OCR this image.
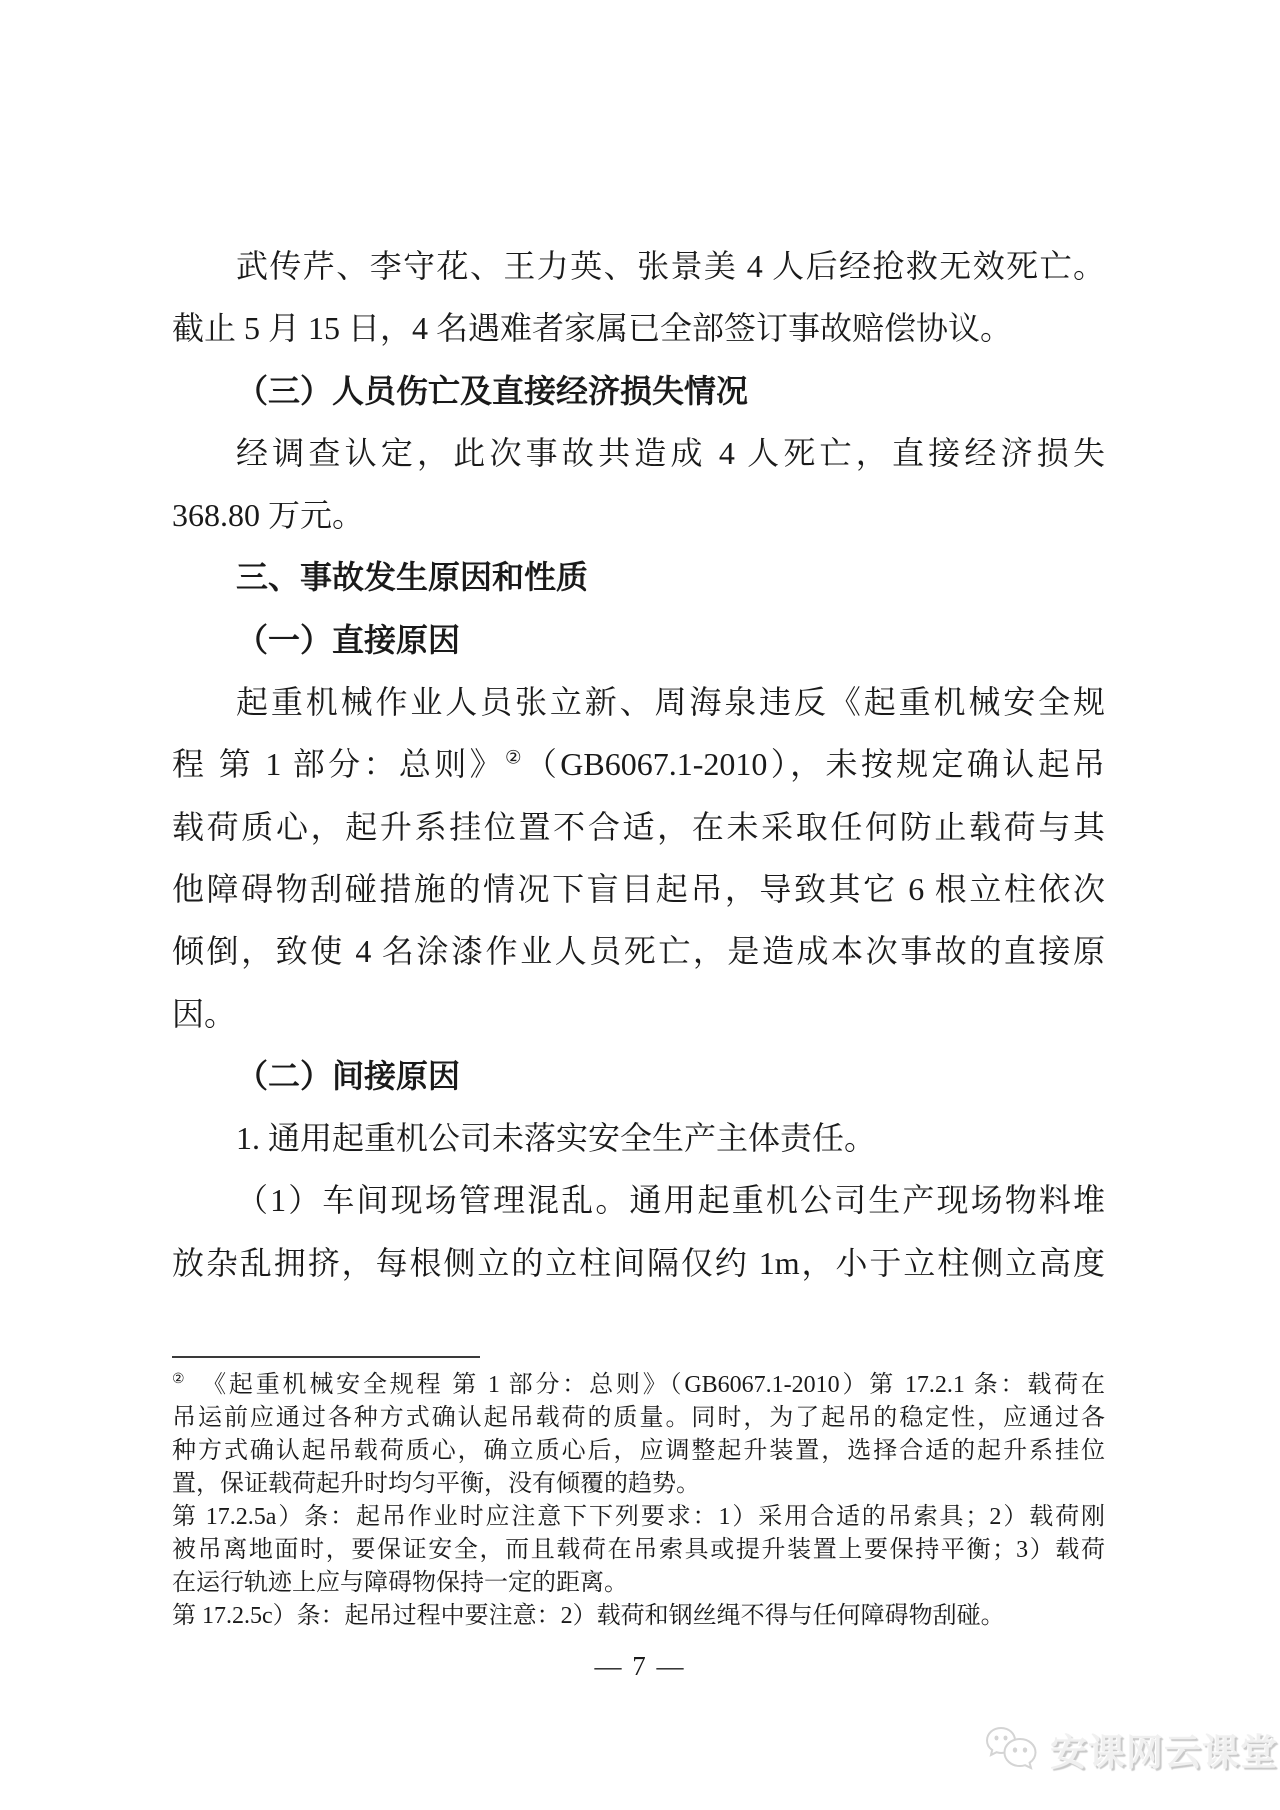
武传芹、李守花、王力英、张景美 4 人后经抢救无效死亡。
截止 5 月 15 日，4 名遇难者家属已全部签订事故赔偿协议。
（三）人员伤亡及直接经济损失情况
经调查认定，此次事故共造成 4 人死亡，直接经济损失
368.80 万元。
三、事故发生原因和性质
（一）直接原因
起重机械作业人员张立新、周海泉违反《起重机械安全规
程 第 1 部分：总则》②（GB6067.1-2010），未按规定确认起吊
载荷质心，起升系挂位置不合适，在未采取任何防止载荷与其
他障碍物刮碰措施的情况下盲目起吊，导致其它 6 根立柱依次
倾倒，致使 4 名涂漆作业人员死亡，是造成本次事故的直接原
因。
（二）间接原因
1. 通用起重机公司未落实安全生产主体责任。
（1）车间现场管理混乱。通用起重机公司生产现场物料堆
放杂乱拥挤，每根侧立的立柱间隔仅约 1m，小于立柱侧立高度
②　《起重机械安全规程 第 1 部分：总则》（GB6067.1-2010）第 17.2.1 条：载荷在
吊运前应通过各种方式确认起吊载荷的质量。同时，为了起吊的稳定性，应通过各
种方式确认起吊载荷质心，确立质心后，应调整起升装置，选择合适的起升系挂位
置，保证载荷起升时均匀平衡，没有倾覆的趋势。
第 17.2.5a）条：起吊作业时应注意下下列要求：1）采用合适的吊索具；2）载荷刚
被吊离地面时，要保证安全，而且载荷在吊索具或提升装置上要保持平衡；3）载荷
在运行轨迹上应与障碍物保持一定的距离。
第 17.2.5c）条：起吊过程中要注意：2）载荷和钢丝绳不得与任何障碍物刮碰。
— 7 —
安课网云课堂
